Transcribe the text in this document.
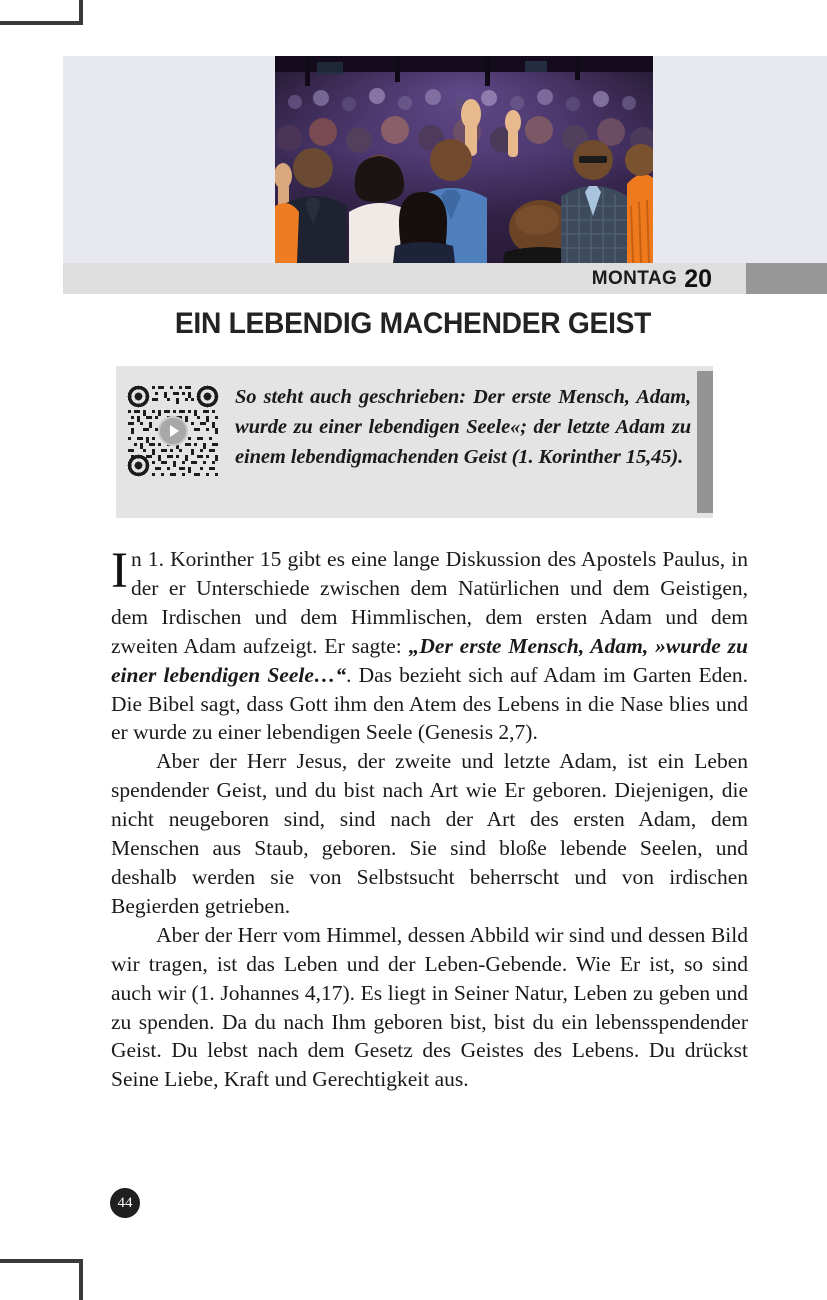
MONTAG 20
EIN LEBENDIG MACHENDER GEIST
So steht auch geschrieben: Der erste Mensch, Adam, wurde zu einer lebendigen Seele«; der letzte Adam zu einem lebendigmachenden Geist (1. Korinther 15,45).

In 1. Korinther 15 gibt es eine lange Diskussion des Apostels Paulus, in der er Unterschiede zwischen dem Natürlichen und dem Geistigen, dem Irdischen und dem Himmlischen, dem ersten Adam und dem zweiten Adam aufzeigt. Er sagte: „Der erste Mensch, Adam, »wurde zu einer lebendigen Seele…“. Das bezieht sich auf Adam im Garten Eden. Die Bibel sagt, dass Gott ihm den Atem des Lebens in die Nase blies und er wurde zu einer lebendigen Seele (Genesis 2,7).

Aber der Herr Jesus, der zweite und letzte Adam, ist ein Leben spendender Geist, und du bist nach Art wie Er geboren. Diejenigen, die nicht neugeboren sind, sind nach der Art des ersten Adam, dem Menschen aus Staub, geboren. Sie sind bloße lebende Seelen, und deshalb werden sie von Selbstsucht beherrscht und von irdischen Begierden getrieben.

Aber der Herr vom Himmel, dessen Abbild wir sind und dessen Bild wir tragen, ist das Leben und der Leben-Gebende. Wie Er ist, so sind auch wir (1. Johannes 4,17). Es liegt in Seiner Natur, Leben zu geben und zu spenden. Da du nach Ihm geboren bist, bist du ein lebensspendender Geist. Du lebst nach dem Gesetz des Geistes des Lebens. Du drückst Seine Liebe, Kraft und Gerechtigkeit aus.

44
